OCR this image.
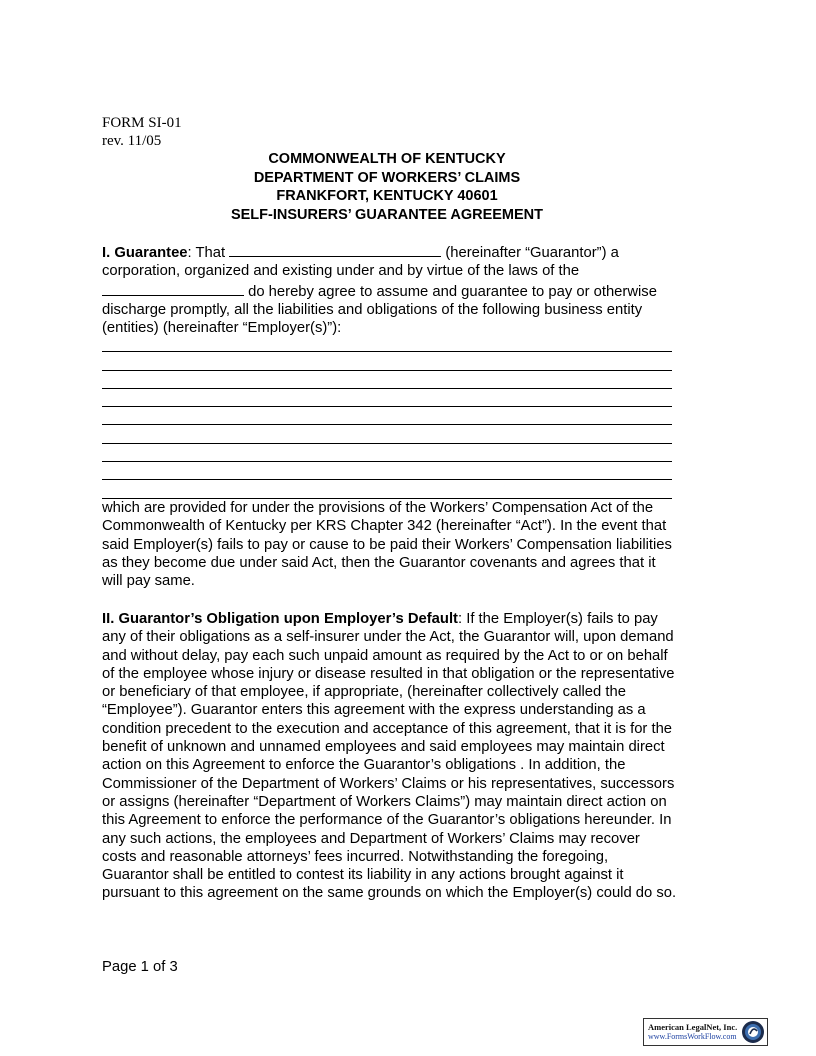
FORM SI-01
rev. 11/05
COMMONWEALTH OF KENTUCKY
DEPARTMENT OF WORKERS’ CLAIMS
FRANKFORT, KENTUCKY 40601
SELF-INSURERS’ GUARANTEE AGREEMENT
I. Guarantee: That	(hereinafter “Guarantor”) a corporation, organized and existing under and by virtue of the laws of the  do hereby agree to assume and guarantee to pay or otherwise discharge promptly, all the liabilities and obligations of the following business entity (entities) (hereinafter “Employer(s)”):
which are provided for under the provisions of the Workers’ Compensation Act of the Commonwealth of Kentucky per KRS Chapter 342 (hereinafter “Act”). In the event that said Employer(s) fails to pay or cause to be paid their Workers’ Compensation liabilities as they become due under said Act, then the Guarantor covenants and agrees that it will pay same.
II. Guarantor’s Obligation upon Employer’s Default: If the Employer(s) fails to pay any of their obligations as a self-insurer under the Act, the Guarantor will, upon demand and without delay, pay each such unpaid amount as required by the Act to or on behalf of the employee whose injury or disease resulted in that obligation or the representative or beneficiary of that employee, if appropriate, (hereinafter collectively called the “Employee”). Guarantor enters this agreement with the express understanding as a condition precedent to the execution and acceptance of this agreement, that it is for the benefit of unknown and unnamed employees and said employees may maintain direct action on this Agreement to enforce the Guarantor’s obligations . In addition, the Commissioner of the Department of Workers’ Claims or his representatives, successors or assigns (hereinafter “Department of Workers Claims”) may maintain direct action on this Agreement to enforce the performance of the Guarantor’s obligations hereunder. In any such actions, the employees and Department of Workers’ Claims may recover costs and reasonable attorneys’ fees incurred. Notwithstanding the foregoing, Guarantor shall be entitled to contest its liability in any actions brought against it pursuant to this agreement on the same grounds on which the Employer(s) could do so.
Page 1 of 3
American LegalNet, Inc.
www.FormsWorkFlow.com
